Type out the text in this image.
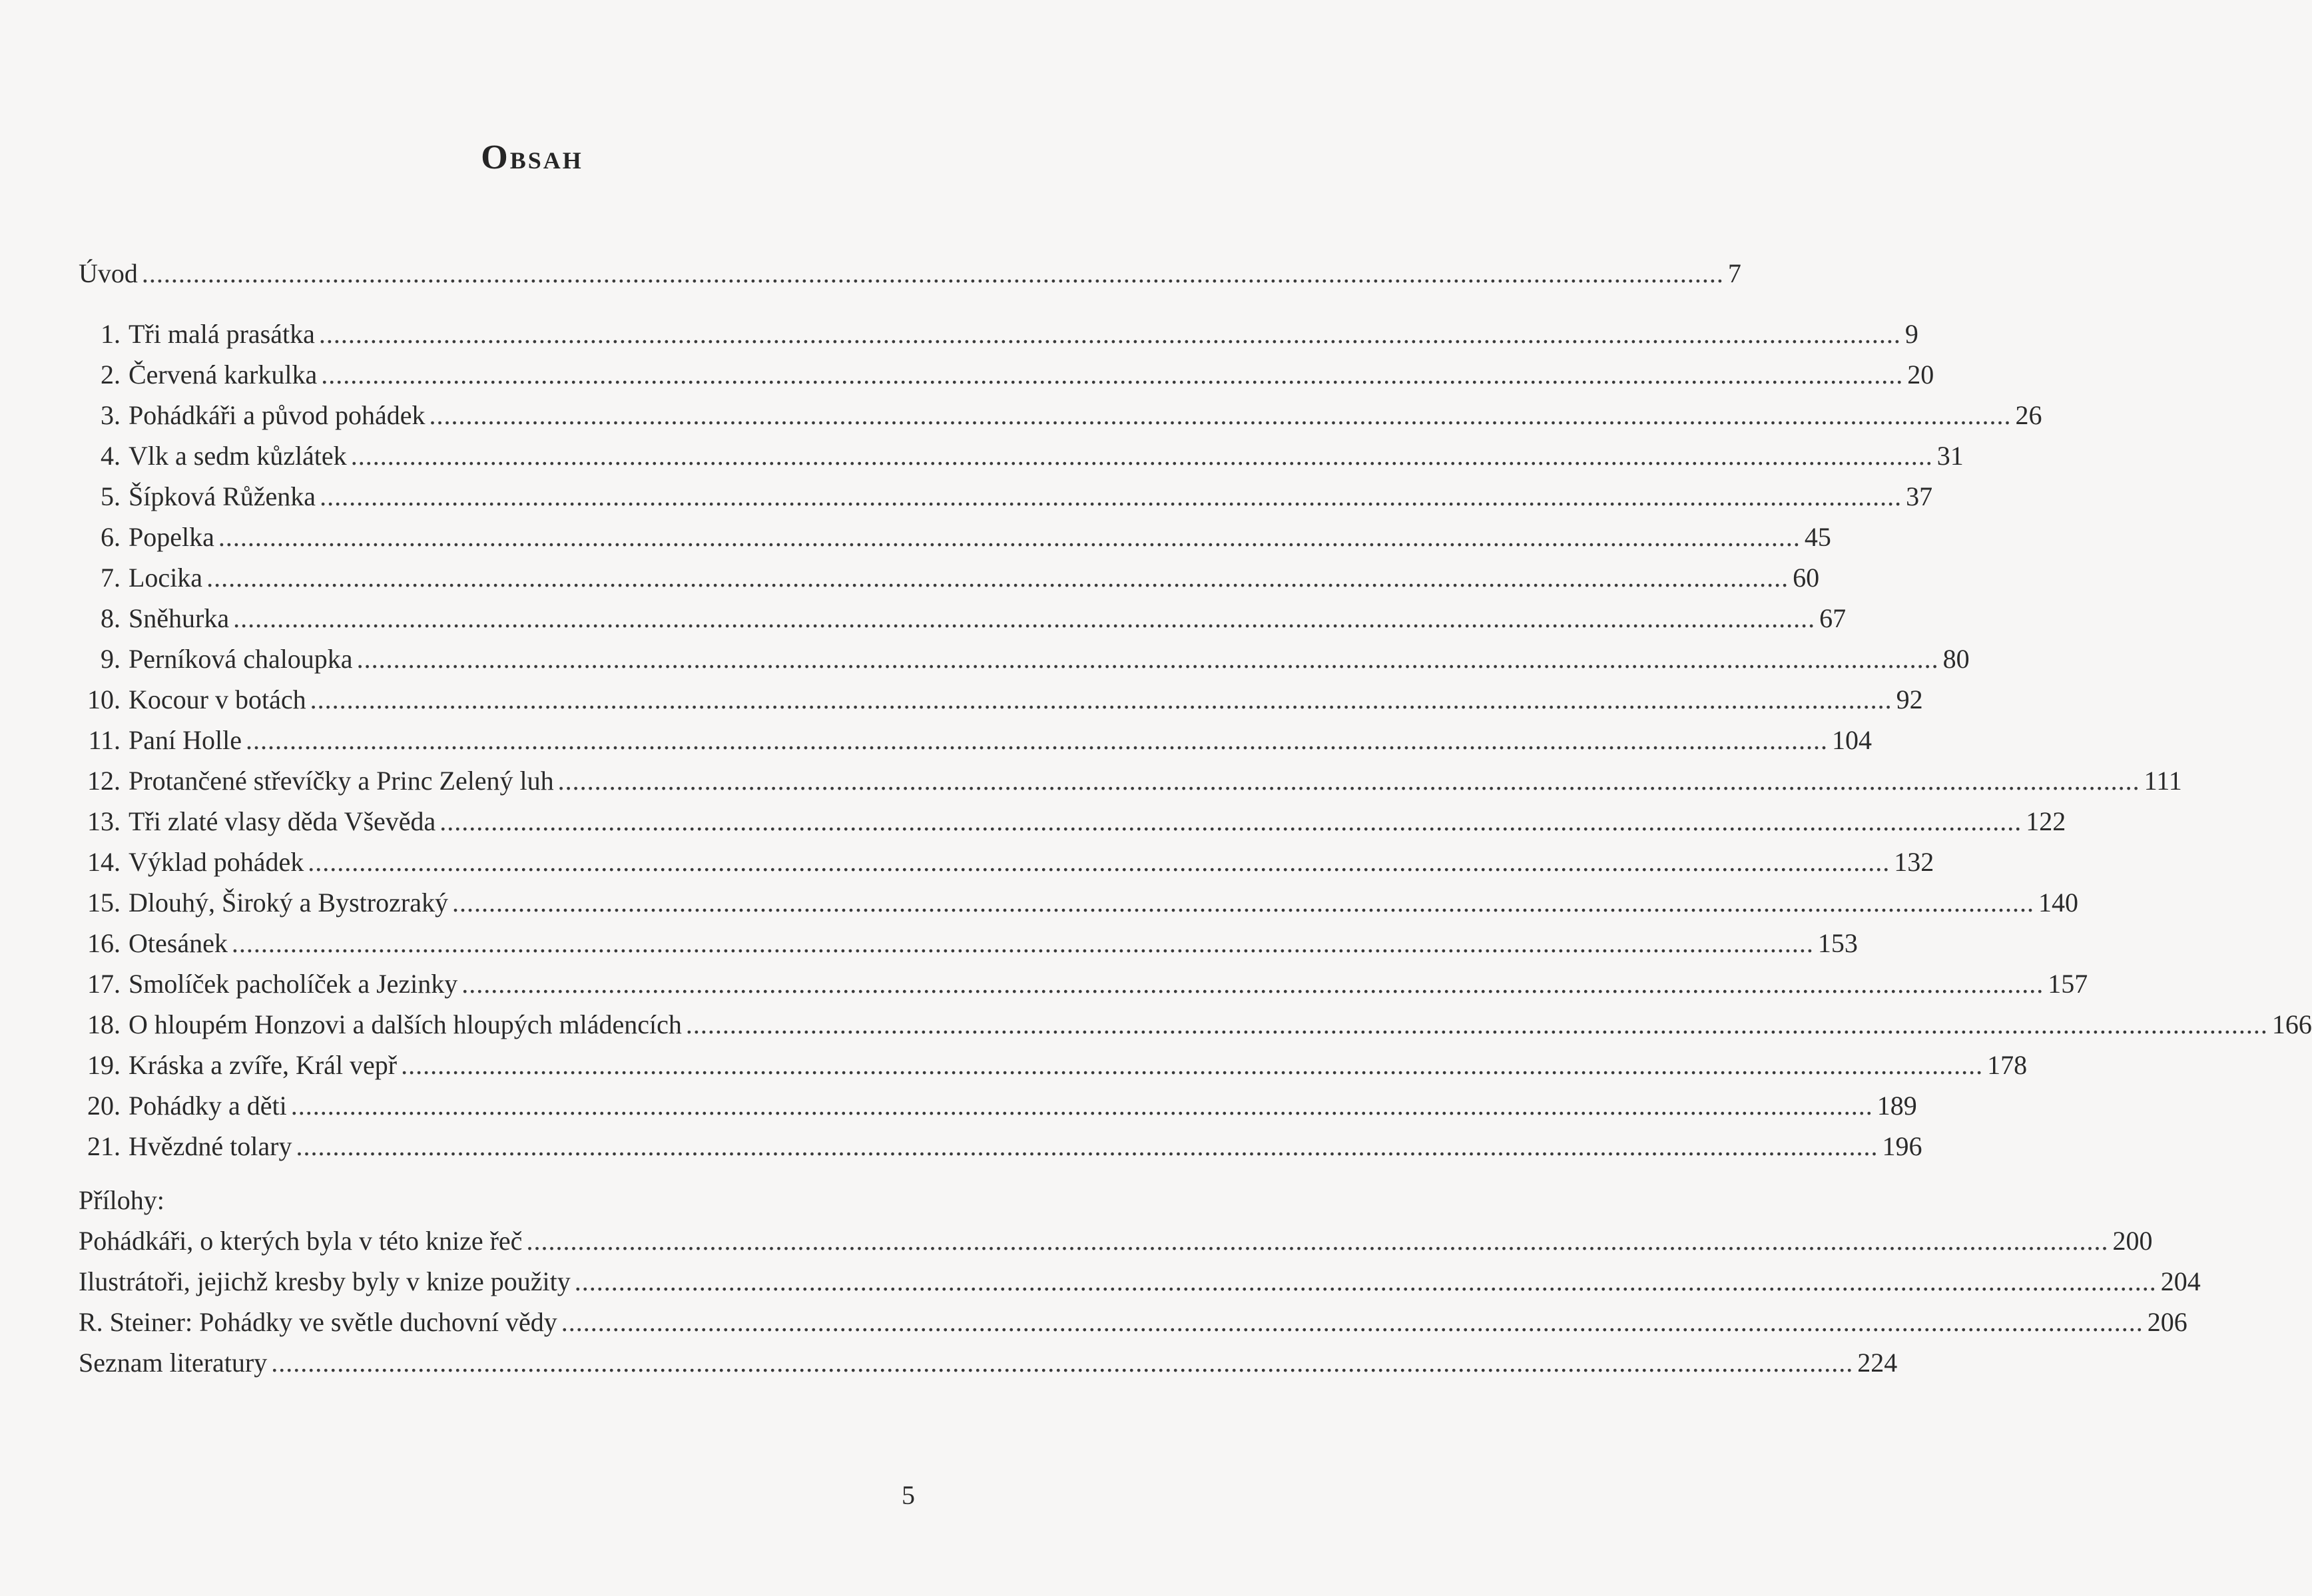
Obsah
Úvod ........................................................................................................................................................................................................................ 7
1. Tři malá prasátka ........................................................................................................................................................................................................................ 9
2. Červená karkulka ........................................................................................................................................................................................................................ 20
3. Pohádkáři a původ pohádek ........................................................................................................................................................................................................................ 26
4. Vlk a sedm kůzlátek ........................................................................................................................................................................................................................ 31
5. Šípková Růženka ........................................................................................................................................................................................................................ 37
6. Popelka ........................................................................................................................................................................................................................ 45
7. Locika ........................................................................................................................................................................................................................ 60
8. Sněhurka ........................................................................................................................................................................................................................ 67
9. Perníková chaloupka ........................................................................................................................................................................................................................ 80
10. Kocour v botách ........................................................................................................................................................................................................................ 92
11. Paní Holle ........................................................................................................................................................................................................................ 104
12. Protančené střevíčky a Princ Zelený luh ........................................................................................................................................................................................................................ 111
13. Tři zlaté vlasy děda Vševěda ........................................................................................................................................................................................................................ 122
14. Výklad pohádek ........................................................................................................................................................................................................................ 132
15. Dlouhý, Široký a Bystrozraký ........................................................................................................................................................................................................................ 140
16. Otesánek ........................................................................................................................................................................................................................ 153
17. Smolíček pacholíček a Jezinky ........................................................................................................................................................................................................................ 157
18. O hloupém Honzovi a dalších hloupých mládencích ........................................................................................................................................................................................................................ 166
19. Kráska a zvíře, Král vepř ........................................................................................................................................................................................................................ 178
20. Pohádky a děti ........................................................................................................................................................................................................................ 189
21. Hvězdné tolary ........................................................................................................................................................................................................................ 196
Přílohy:
Pohádkáři, o kterých byla v této knize řeč ........................................................................................................................................................................................................................ 200
Ilustrátoři, jejichž kresby byly v knize použity ........................................................................................................................................................................................................................ 204
R. Steiner: Pohádky ve světle duchovní vědy ........................................................................................................................................................................................................................ 206
Seznam literatury ........................................................................................................................................................................................................................ 224
5
